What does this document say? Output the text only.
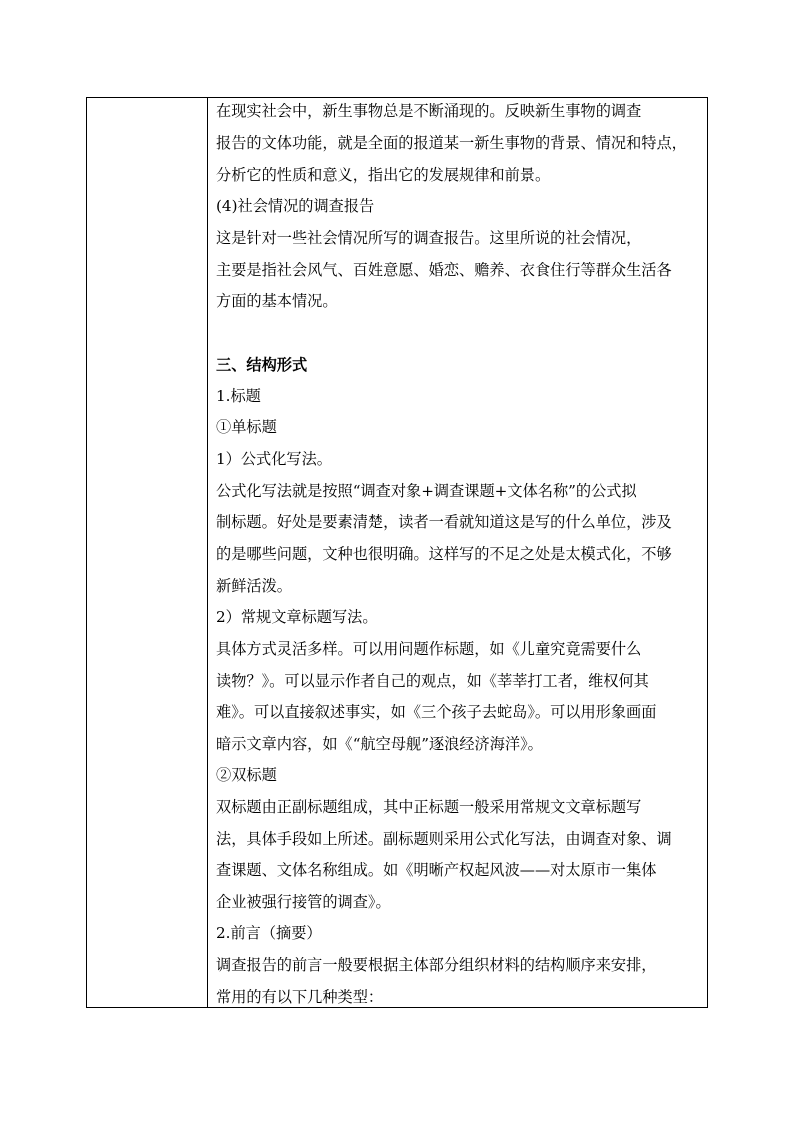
在现实社会中，新生事物总是不断涌现的。反映新生事物的调查

报告的文体功能，就是全面的报道某一新生事物的背景、情况和特点，

分析它的性质和意义，指出它的发展规律和前景。

(4)社会情况的调查报告

这是针对一些社会情况所写的调查报告。这里所说的社会情况，

主要是指社会风气、百姓意愿、婚恋、赡养、衣食住行等群众生活各

方面的基本情况。

三、结构形式

1.标题

①单标题

1）公式化写法。

公式化写法就是按照“调查对象+调查课题+文体名称”的公式拟

制标题。好处是要素清楚，读者一看就知道这是写的什么单位，涉及

的是哪些问题，文种也很明确。这样写的不足之处是太模式化，不够

新鲜活泼。

2）常规文章标题写法。

具体方式灵活多样。可以用问题作标题，如《儿童究竟需要什么

读物？》。可以显示作者自己的观点，如《莘莘打工者，维权何其

难》。可以直接叙述事实，如《三个孩子去蛇岛》。可以用形象画面

暗示文章内容，如《“航空母舰”逐浪经济海洋》。

②双标题

双标题由正副标题组成，其中正标题一般采用常规文文章标题写

法，具体手段如上所述。副标题则采用公式化写法，由调查对象、调

查课题、文体名称组成。如《明晰产权起风波——对太原市一集体

企业被强行接管的调查》。

2.前言（摘要）

调查报告的前言一般要根据主体部分组织材料的结构顺序来安排，

常用的有以下几种类型：
